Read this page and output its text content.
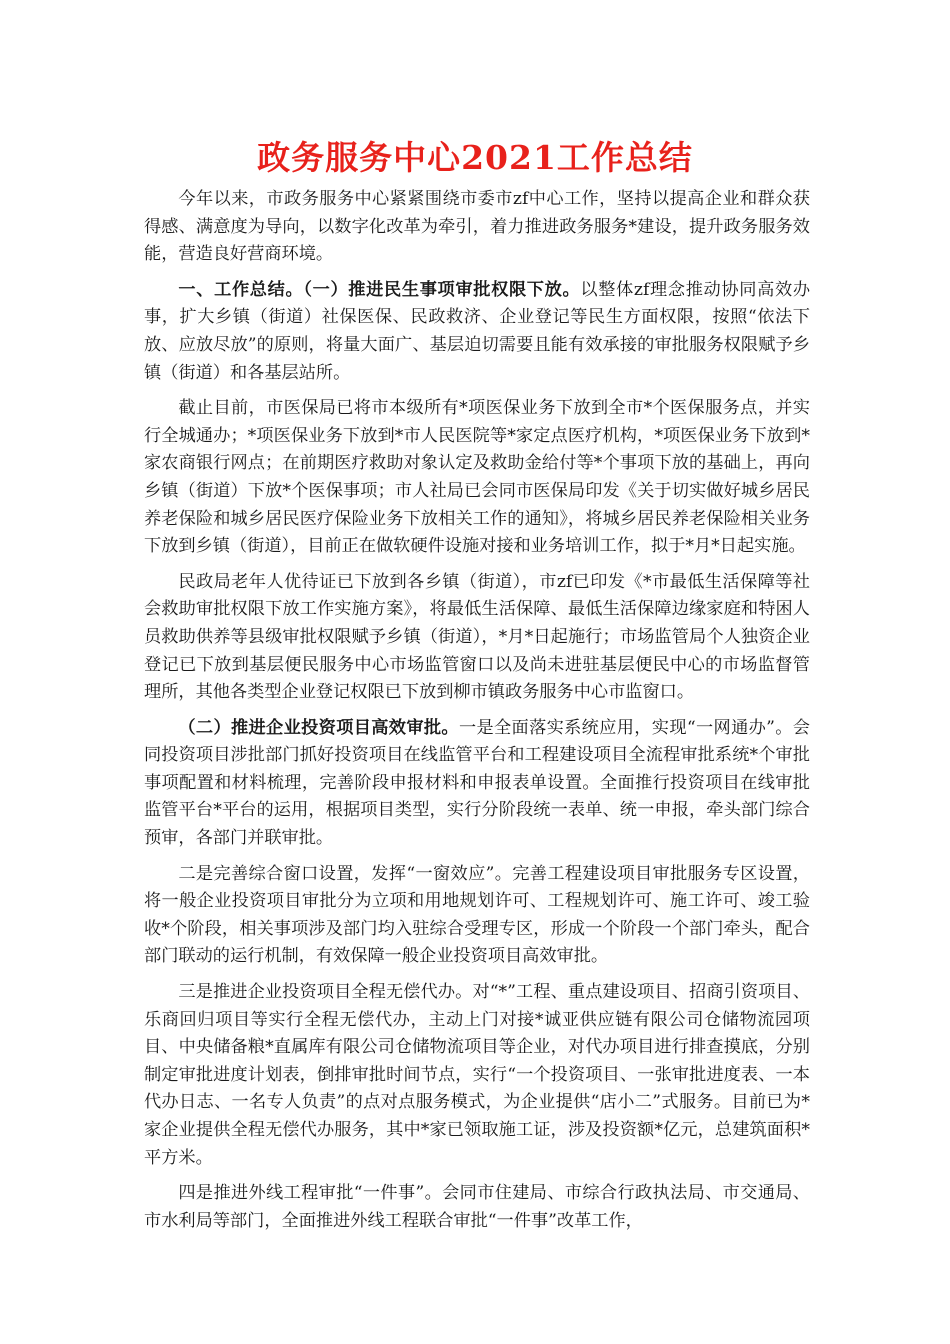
政务服务中心2021工作总结

今年以来，市政务服务中心紧紧围绕市委市zf中心工作，坚持以提高企业和群众获得感、满意度为导向，以数字化改革为牵引，着力推进政务服务*建设，提升政务服务效能，营造良好营商环境。

一、工作总结。（一）推进民生事项审批权限下放。以整体zf理念推动协同高效办事，扩大乡镇（街道）社保医保、民政救济、企业登记等民生方面权限，按照“依法下放、应放尽放”的原则，将量大面广、基层迫切需要且能有效承接的审批服务权限赋予乡镇（街道）和各基层站所。

截止目前，市医保局已将市本级所有*项医保业务下放到全市*个医保服务点，并实行全城通办；*项医保业务下放到*市人民医院等*家定点医疗机构，*项医保业务下放到*家农商银行网点；在前期医疗救助对象认定及救助金给付等*个事项下放的基础上，再向乡镇（街道）下放*个医保事项；市人社局已会同市医保局印发《关于切实做好城乡居民养老保险和城乡居民医疗保险业务下放相关工作的通知》，将城乡居民养老保险相关业务下放到乡镇（街道），目前正在做软硬件设施对接和业务培训工作，拟于*月*日起实施。

民政局老年人优待证已下放到各乡镇（街道），市zf已印发《*市最低生活保障等社会救助审批权限下放工作实施方案》，将最低生活保障、最低生活保障边缘家庭和特困人员救助供养等县级审批权限赋予乡镇（街道），*月*日起施行；市场监管局个人独资企业登记已下放到基层便民服务中心市场监管窗口以及尚未进驻基层便民中心的市场监督管理所，其他各类型企业登记权限已下放到柳市镇政务服务中心市监窗口。

（二）推进企业投资项目高效审批。一是全面落实系统应用，实现“一网通办”。会同投资项目涉批部门抓好投资项目在线监管平台和工程建设项目全流程审批系统*个审批事项配置和材料梳理，完善阶段申报材料和申报表单设置。全面推行投资项目在线审批监管平台*平台的运用，根据项目类型，实行分阶段统一表单、统一申报，牵头部门综合预审，各部门并联审批。

二是完善综合窗口设置，发挥“一窗效应”。完善工程建设项目审批服务专区设置，将一般企业投资项目审批分为立项和用地规划许可、工程规划许可、施工许可、竣工验收*个阶段，相关事项涉及部门均入驻综合受理专区，形成一个阶段一个部门牵头，配合部门联动的运行机制，有效保障一般企业投资项目高效审批。

三是推进企业投资项目全程无偿代办。对“*”工程、重点建设项目、招商引资项目、乐商回归项目等实行全程无偿代办，主动上门对接*诚亚供应链有限公司仓储物流园项目、中央储备粮*直属库有限公司仓储物流项目等企业，对代办项目进行排查摸底，分别制定审批进度计划表，倒排审批时间节点，实行“一个投资项目、一张审批进度表、一本代办日志、一名专人负责”的点对点服务模式，为企业提供“店小二”式服务。目前已为*家企业提供全程无偿代办服务，其中*家已领取施工证，涉及投资额*亿元，总建筑面积*平方米。

四是推进外线工程审批“一件事”。会同市住建局、市综合行政执法局、市交通局、市水利局等部门，全面推进外线工程联合审批“一件事”改革工作，
